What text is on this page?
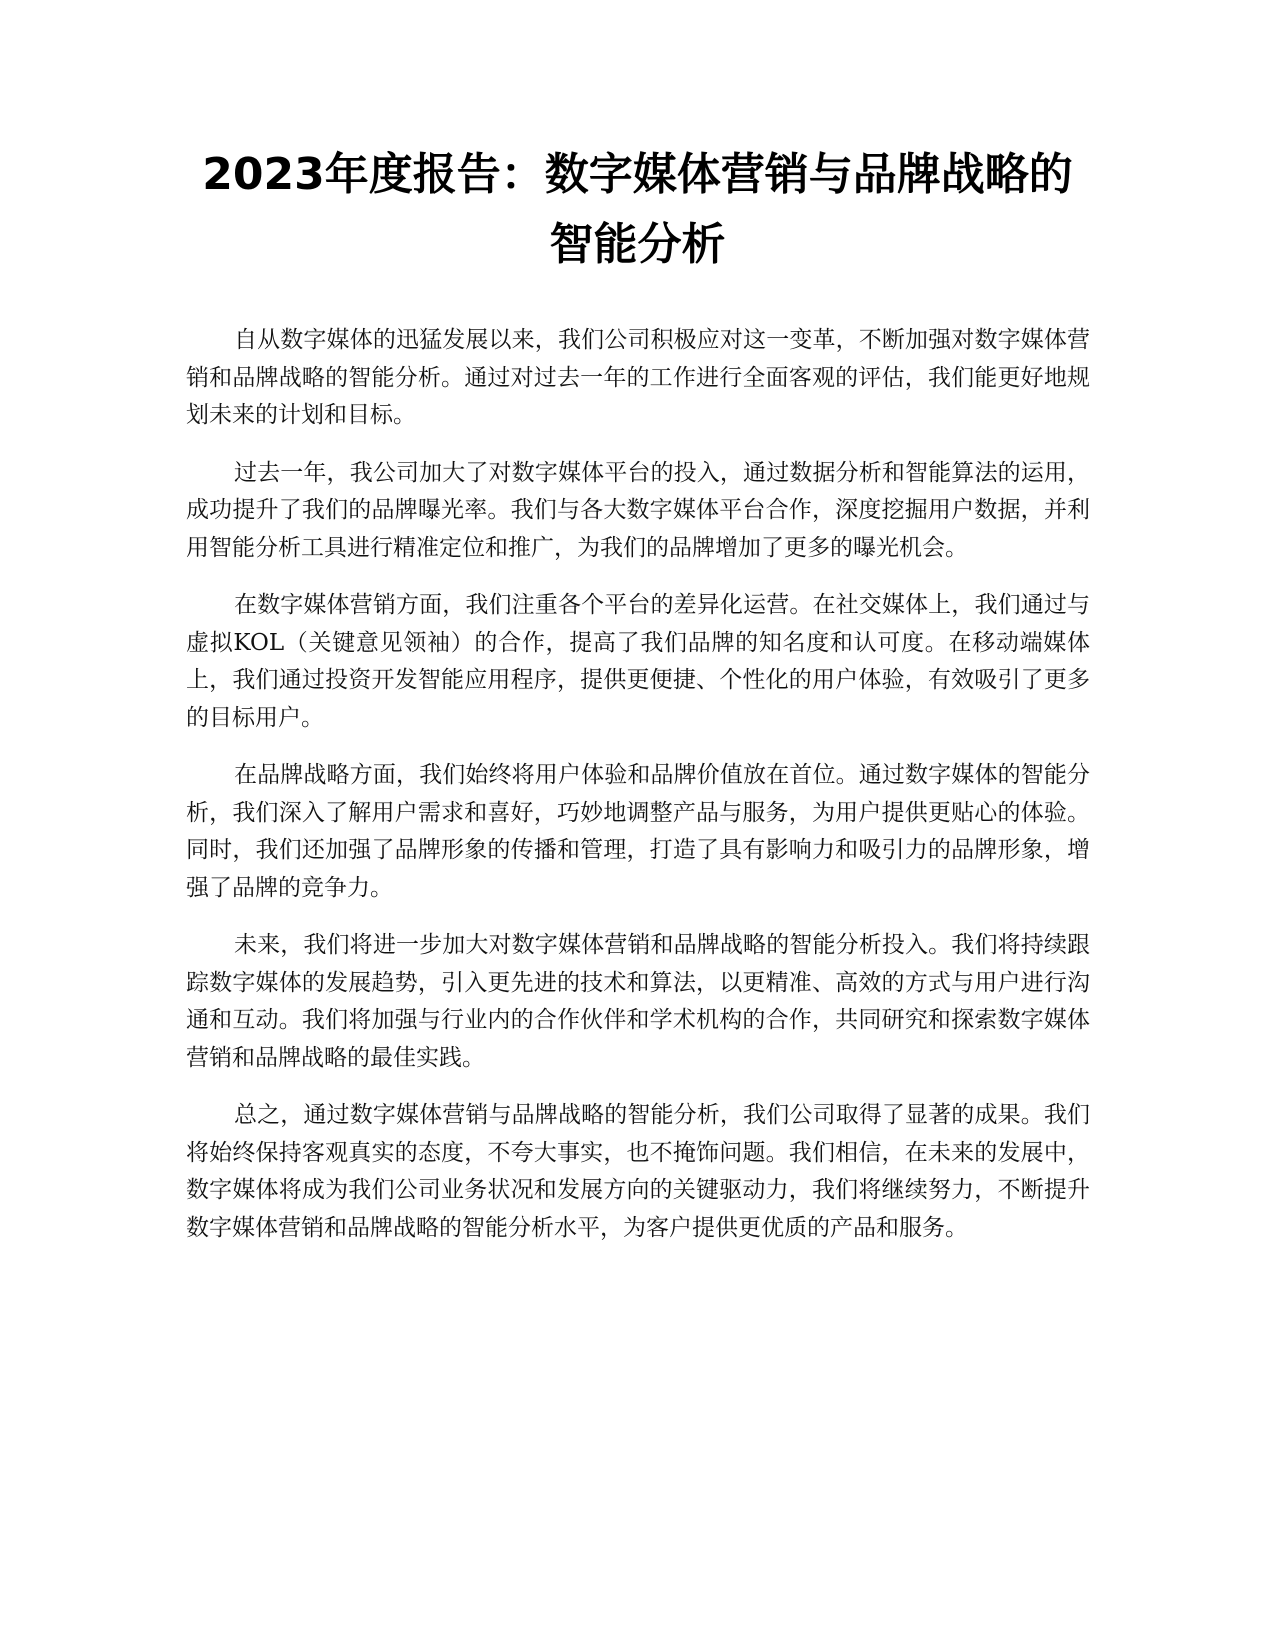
2023年度报告：数字媒体营销与品牌战略的
智能分析

自从数字媒体的迅猛发展以来，我们公司积极应对这一变革，不断加强对数字媒体营销和品牌战略的智能分析。通过对过去一年的工作进行全面客观的评估，我们能更好地规划未来的计划和目标。

过去一年，我公司加大了对数字媒体平台的投入，通过数据分析和智能算法的运用，成功提升了我们的品牌曝光率。我们与各大数字媒体平台合作，深度挖掘用户数据，并利用智能分析工具进行精准定位和推广，为我们的品牌增加了更多的曝光机会。

在数字媒体营销方面，我们注重各个平台的差异化运营。在社交媒体上，我们通过与虚拟KOL（关键意见领袖）的合作，提高了我们品牌的知名度和认可度。在移动端媒体上，我们通过投资开发智能应用程序，提供更便捷、个性化的用户体验，有效吸引了更多的目标用户。

在品牌战略方面，我们始终将用户体验和品牌价值放在首位。通过数字媒体的智能分析，我们深入了解用户需求和喜好，巧妙地调整产品与服务，为用户提供更贴心的体验。同时，我们还加强了品牌形象的传播和管理，打造了具有影响力和吸引力的品牌形象，增强了品牌的竞争力。

未来，我们将进一步加大对数字媒体营销和品牌战略的智能分析投入。我们将持续跟踪数字媒体的发展趋势，引入更先进的技术和算法，以更精准、高效的方式与用户进行沟通和互动。我们将加强与行业内的合作伙伴和学术机构的合作，共同研究和探索数字媒体营销和品牌战略的最佳实践。

总之，通过数字媒体营销与品牌战略的智能分析，我们公司取得了显著的成果。我们将始终保持客观真实的态度，不夸大事实，也不掩饰问题。我们相信，在未来的发展中，数字媒体将成为我们公司业务状况和发展方向的关键驱动力，我们将继续努力，不断提升数字媒体营销和品牌战略的智能分析水平，为客户提供更优质的产品和服务。
